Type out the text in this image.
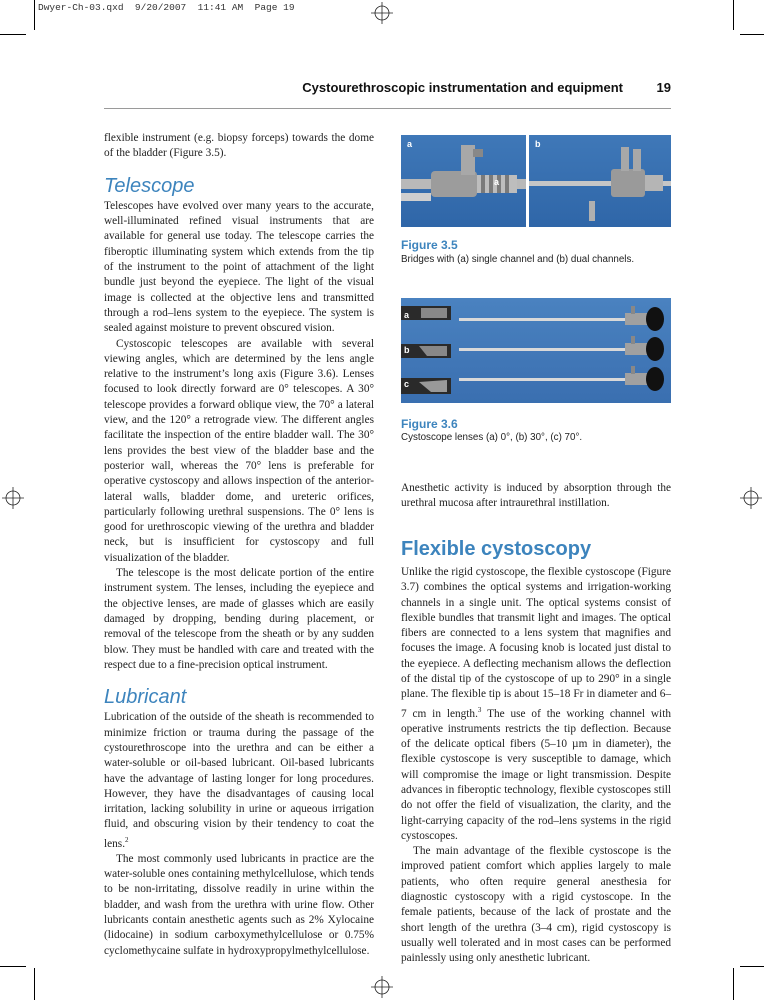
Dwyer-Ch-03.qxd  9/20/2007  11:41 AM  Page 19
Cystourethroscopic instrumentation and equipment	19

flexible instrument (e.g. biopsy forceps) towards the dome of the bladder (Figure 3.5).

Telescope

Telescopes have evolved over many years to the accurate, well-illuminated refined visual instruments that are available for general use today. The telescope carries the fiberoptic illuminating system which extends from the tip of the instrument to the point of attachment of the light bundle just beyond the eyepiece. The light of the visual image is collected at the objective lens and transmitted through a rod–lens system to the eyepiece. The system is sealed against moisture to prevent obscured vision.

Cystoscopic telescopes are available with several viewing angles, which are determined by the lens angle relative to the instrument’s long axis (Figure 3.6). Lenses focused to look directly forward are 0° telescopes. A 30° telescope provides a forward oblique view, the 70° a lateral view, and the 120° a retrograde view. The different angles facilitate the inspection of the entire bladder wall. The 30° lens provides the best view of the bladder base and the posterior wall, whereas the 70° lens is preferable for operative cystoscopy and allows inspection of the anterior-lateral walls, bladder dome, and ureteric orifices, particularly following urethral suspensions. The 0° lens is good for urethroscopic viewing of the urethra and bladder neck, but is insufficient for cystoscopy and full visualization of the bladder.

The telescope is the most delicate portion of the entire instrument system. The lenses, including the eyepiece and the objective lenses, are made of glasses which are easily damaged by dropping, bending during placement, or removal of the telescope from the sheath or by any sudden blow. They must be handled with care and treated with the respect due to a fine-precision optical instrument.

Lubricant

Lubrication of the outside of the sheath is recommended to minimize friction or trauma during the passage of the cystourethroscope into the urethra and can be either a water-soluble or oil-based lubricant. Oil-based lubricants have the advantage of lasting longer for long procedures. However, they have the disadvantages of causing local irritation, lacking solubility in urine or aqueous irrigation fluid, and obscuring vision by their tendency to coat the lens.$^2$

The most commonly used lubricants in practice are the water-soluble ones containing methylcellulose, which tends to be non-irritating, dissolve readily in urine within the bladder, and wash from the urethra with urine flow. Other lubricants contain anesthetic agents such as 2% Xylocaine (lidocaine) in sodium carboxymethylcellulose or 0.75% cyclomethycaine sulfate in hydroxypropylmethylcellulose.

a
a
b
Figure 3.5
Bridges with (a) single channel and (b) dual channels.
a
b
c
Figure 3.6
Cystoscope lenses (a) 0°, (b) 30°, (c) 70°.

Anesthetic activity is induced by absorption through the urethral mucosa after intraurethral instillation.

Flexible cystoscopy

Unlike the rigid cystoscope, the flexible cystoscope (Figure 3.7) combines the optical systems and irrigation-working channels in a single unit. The optical systems consist of flexible bundles that transmit light and images. The optical fibers are connected to a lens system that magnifies and focuses the image. A focusing knob is located just distal to the eyepiece. A deflecting mechanism allows the deflection of the distal tip of the cystoscope of up to 290° in a single plane. The flexible tip is about 15–18 Fr in diameter and 6–7 cm in length.$^3$ The use of the working channel with operative instruments restricts the tip deflection. Because of the delicate optical fibers (5–10 µm in diameter), the flexible cystoscope is very susceptible to damage, which will compromise the image or light transmission. Despite advances in fiberoptic technology, flexible cystoscopes still do not offer the field of visualization, the clarity, and the light-carrying capacity of the rod–lens systems in the rigid cystoscopes.

The main advantage of the flexible cystoscope is the improved patient comfort which applies largely to male patients, who often require general anesthesia for diagnostic cystoscopy with a rigid cystoscope. In the female patients, because of the lack of prostate and the short length of the urethra (3–4 cm), rigid cystoscopy is usually well tolerated and in most cases can be performed painlessly using only anesthetic lubricant.
